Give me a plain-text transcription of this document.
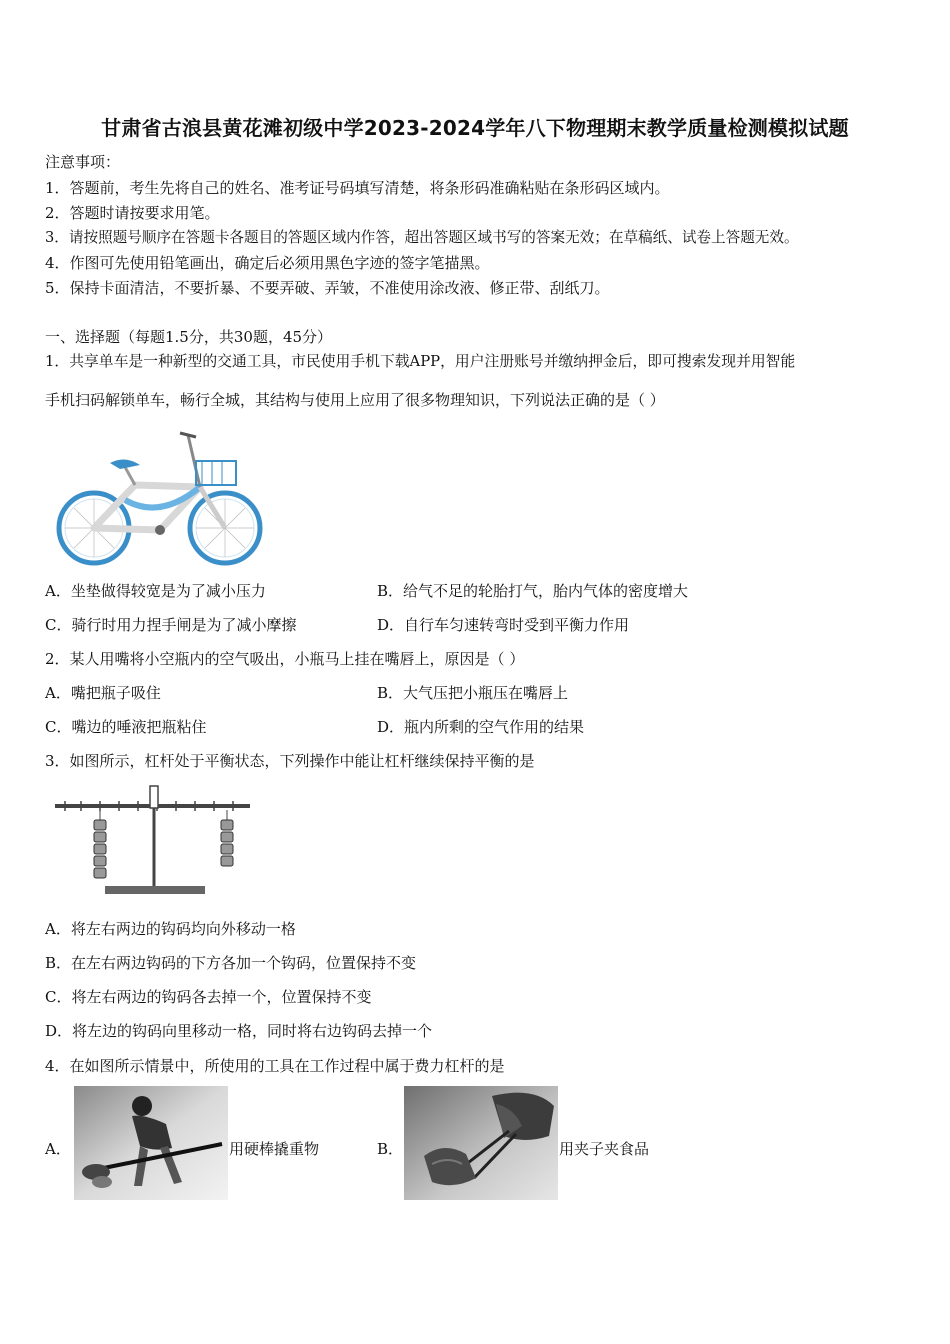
甘肃省古浪县黄花滩初级中学2023-2024学年八下物理期末教学质量检测模拟试题
注意事项：
1．答题前，考生先将自己的姓名、准考证号码填写清楚，将条形码准确粘贴在条形码区域内。
2．答题时请按要求用笔。
3．请按照题号顺序在答题卡各题目的答题区域内作答，超出答题区域书写的答案无效；在草稿纸、试卷上答题无效。
4．作图可先使用铅笔画出，确定后必须用黑色字迹的签字笔描黑。
5．保持卡面清洁，不要折暴、不要弄破、弄皱，不准使用涂改液、修正带、刮纸刀。
一、选择题（每题1.5分，共30题，45分）
1．共享单车是一种新型的交通工具，市民使用手机下载APP，用户注册账号并缴纳押金后，即可搜索发现并用智能
手机扫码解锁单车，畅行全城，其结构与使用上应用了很多物理知识，下列说法正确的是（ ）
A．坐垫做得较宽是为了减小压力	B．给气不足的轮胎打气，胎内气体的密度增大
C．骑行时用力捏手闸是为了减小摩擦	D．自行车匀速转弯时受到平衡力作用
2．某人用嘴将小空瓶内的空气吸出，小瓶马上挂在嘴唇上，原因是（ ）
A．嘴把瓶子吸住	B．大气压把小瓶压在嘴唇上
C．嘴边的唾液把瓶粘住	D．瓶内所剩的空气作用的结果
3．如图所示，杠杆处于平衡状态，下列操作中能让杠杆继续保持平衡的是
A．将左右两边的钩码均向外移动一格
B．在左右两边钩码的下方各加一个钩码，位置保持不变
C．将左右两边的钩码各去掉一个，位置保持不变
D．将左边的钩码向里移动一格，同时将右边钩码去掉一个
4．在如图所示情景中，所使用的工具在工作过程中属于费力杠杆的是
A．	用硬棒撬重物	B．	用夹子夹食品
